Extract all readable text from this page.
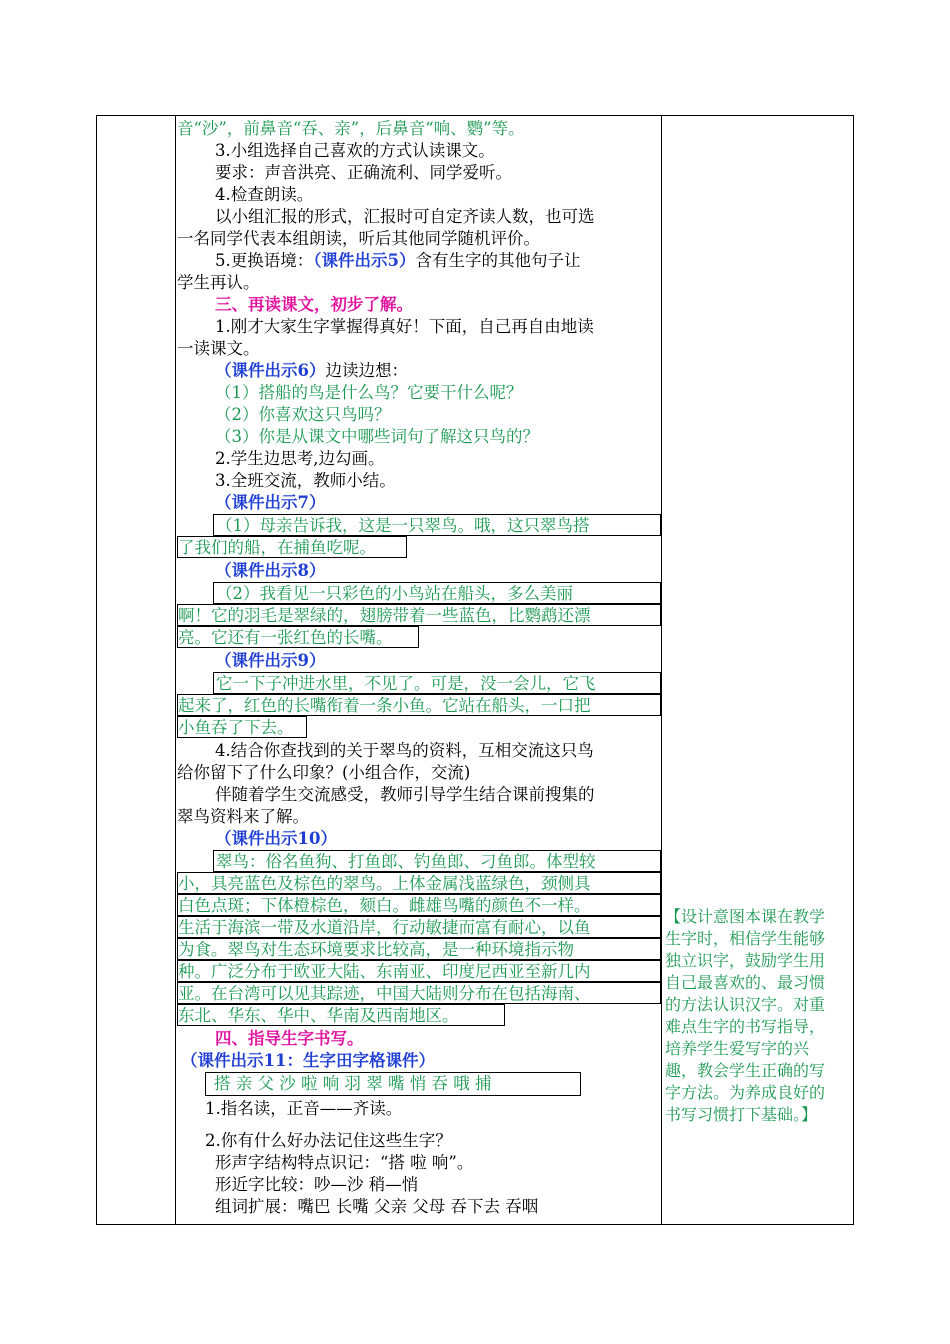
音“沙”，前鼻音“吞、亲”，后鼻音“响、鹦”等。
3.小组选择自己喜欢的方式认读课文。
要求：声音洪亮、正确流利、同学爱听。
4.检查朗读。
以小组汇报的形式，汇报时可自定齐读人数，也可选
一名同学代表本组朗读，听后其他同学随机评价。
5.更换语境：（课件出示5）含有生字的其他句子让
学生再认。
三、再读课文，初步了解。
1.刚才大家生字掌握得真好！下面，自己再自由地读
一读课文。
（课件出示6）边读边想：
（1）搭船的鸟是什么鸟？它要干什么呢？
（2）你喜欢这只鸟吗？
（3）你是从课文中哪些词句了解这只鸟的？
2.学生边思考,边勾画。
3.全班交流，教师小结。
（课件出示7）
（1）母亲告诉我，这是一只翠鸟。哦，这只翠鸟搭
了我们的船，在捕鱼吃呢。
（课件出示8）
（2）我看见一只彩色的小鸟站在船头，多么美丽
啊！它的羽毛是翠绿的，翅膀带着一些蓝色，比鹦鹉还漂
亮。它还有一张红色的长嘴。
（课件出示9）
它一下子冲进水里，不见了。可是，没一会儿，它飞
起来了，红色的长嘴衔着一条小鱼。它站在船头，一口把
小鱼吞了下去。
4.结合你查找到的关于翠鸟的资料，互相交流这只鸟
给你留下了什么印象？(小组合作，交流)
伴随着学生交流感受，教师引导学生结合课前搜集的
翠鸟资料来了解。
（课件出示10）
翠鸟：俗名鱼狗、打鱼郎、钓鱼郎、刁鱼郎。体型较
小，具亮蓝色及棕色的翠鸟。上体金属浅蓝绿色，颈侧具
白色点斑；下体橙棕色，颏白。雌雄鸟嘴的颜色不一样。
生活于海滨一带及水道沿岸，行动敏捷而富有耐心，以鱼
为食。翠鸟对生态环境要求比较高，是一种环境指示物
种。广泛分布于欧亚大陆、东南亚、印度尼西亚至新几内
亚。在台湾可以见其踪迹，中国大陆则分布在包括海南、
东北、华东、华中、华南及西南地区。
四、指导生字书写。
（课件出示11：生字田字格课件）
搭 亲 父 沙 啦 响 羽 翠 嘴 悄 吞 哦 捕
1.指名读，正音——齐读。
2.你有什么好办法记住这些生字？
形声字结构特点识记：“搭 啦 响”。
形近字比较：吵—沙 稍—悄
组词扩展：嘴巴 长嘴 父亲 父母 吞下去 吞咽
【设计意图本课在教学
生字时，相信学生能够
独立识字，鼓励学生用
自己最喜欢的、最习惯
的方法认识汉字。对重
难点生字的书写指导，
培养学生爱写字的兴
趣，教会学生正确的写
字方法。为养成良好的
书写习惯打下基础。】
